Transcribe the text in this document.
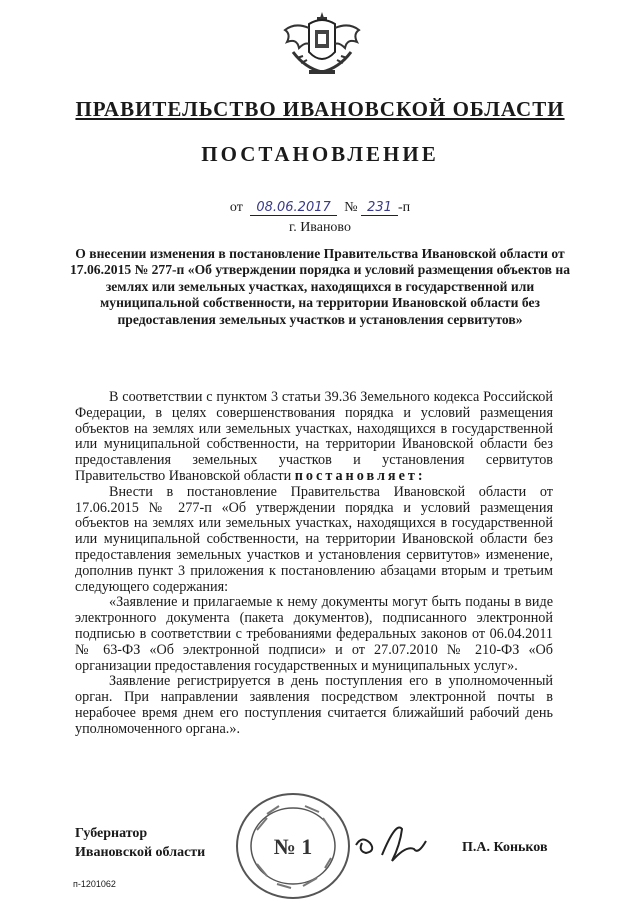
ПРАВИТЕЛЬСТВО ИВАНОВСКОЙ ОБЛАСТИ
ПОСТАНОВЛЕНИЕ
от 08.06.2017 № 231 -п
г. Иваново
О внесении изменения в постановление Правительства Ивановской области от 17.06.2015 № 277-п «Об утверждении порядка и условий размещения объектов на землях или земельных участках, находящихся в государственной или муниципальной собственности, на территории Ивановской области без предоставления земельных участков и установления сервитутов»

В соответствии с пунктом 3 статьи 39.36 Земельного кодекса Российской Федерации, в целях совершенствования порядка и условий размещения объектов на землях или земельных участках, находящихся в государственной или муниципальной собственности, на территории Ивановской области без предоставления земельных участков и установления сервитутов Правительство Ивановской области постановляет:

Внести в постановление Правительства Ивановской области от 17.06.2015 № 277-п «Об утверждении порядка и условий размещения объектов на землях или земельных участках, находящихся в государственной или муниципальной собственности, на территории Ивановской области без предоставления земельных участков и установления сервитутов» изменение, дополнив пункт 3 приложения к постановлению абзацами вторым и третьим следующего содержания:

«Заявление и прилагаемые к нему документы могут быть поданы в виде электронного документа (пакета документов), подписанного электронной подписью в соответствии с требованиями федеральных законов от 06.04.2011 № 63-ФЗ «Об электронной подписи» и от 27.07.2010 № 210-ФЗ «Об организации предоставления государственных и муниципальных услуг».

Заявление регистрируется в день поступления его в уполномоченный орган. При направлении заявления посредством электронной почты в нерабочее время днем его поступления считается ближайший рабочий день уполномоченного органа.».

Губернатор
Ивановской области	№ 1	П.А. Коньков
п-1201062
